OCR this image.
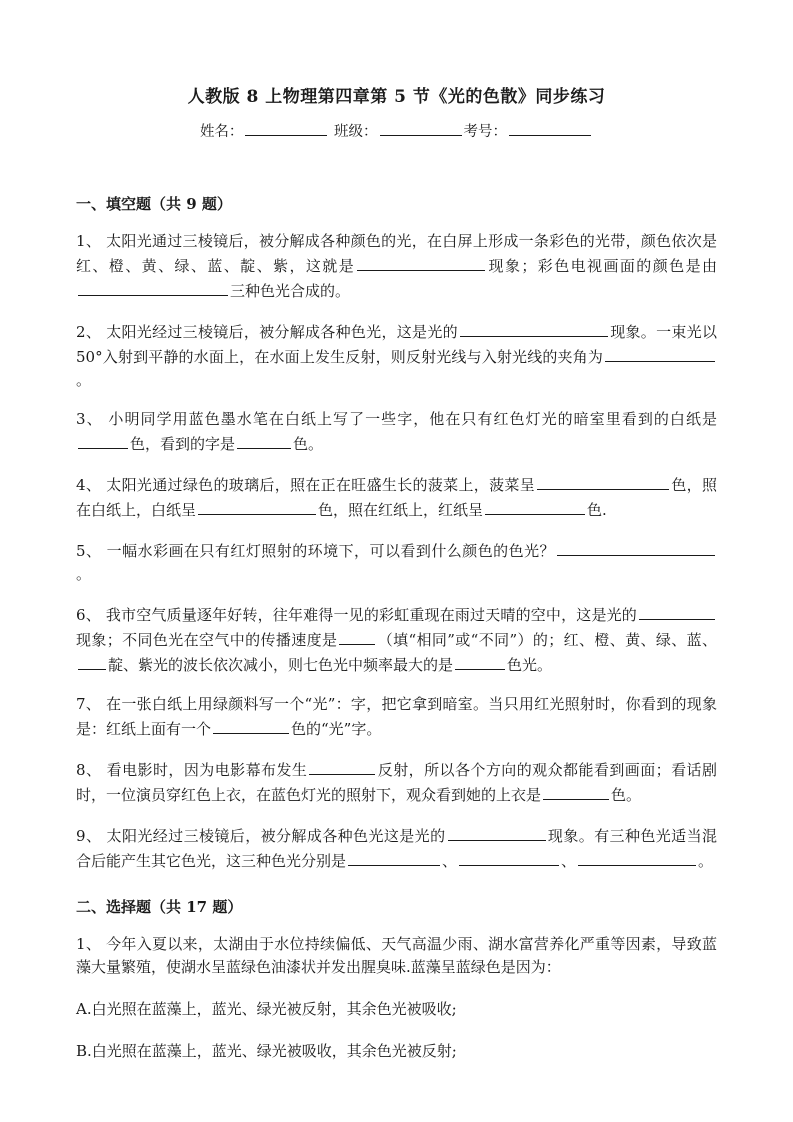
人教版 8 上物理第四章第 5 节《光的色散》同步练习
姓名：	班级：	考号：
一、填空题（共 9 题）
1、 太阳光通过三棱镜后，被分解成各种颜色的光，在白屏上形成一条彩色的光带，颜色依次是红、橙、黄、绿、蓝、靛、紫，这就是	现象；彩色电视画面的颜色是由三种色光合成的。
2、 太阳光经过三棱镜后，被分解成各种色光，这是光的	现象。一束光以 50°入射到平静的水面上，在水面上发生反射，则反射光线与入射光线的夹角为。
3、 小明同学用蓝色墨水笔在白纸上写了一些字，他在只有红色灯光的暗室里看到的白纸是色，看到的字是	色。
4、 太阳光通过绿色的玻璃后，照在正在旺盛生长的菠菜上，菠菜呈	色，照在白纸上，白纸呈	色，照在红纸上，红纸呈	色.
5、 一幅水彩画在只有红灯照射的环境下，可以看到什么颜色的色光？。
6、 我市空气质量逐年好转，往年难得一见的彩虹重现在雨过天晴的空中，这是光的现象；不同色光在空气中的传播速度是	（填“相同”或“不同”）的；红、橙、黄、绿、蓝、靛、紫光的波长依次减小，则七色光中频率最大的是	色光。
7、 在一张白纸上用绿颜料写一个“光”：字，把它拿到暗室。当只用红光照射时，你看到的现象是：红纸上面有一个	色的“光”字。
8、 看电影时，因为电影幕布发生	反射，所以各个方向的观众都能看到画面；看话剧时，一位演员穿红色上衣，在蓝色灯光的照射下，观众看到她的上衣是	色。
9、 太阳光经过三棱镜后，被分解成各种色光这是光的	现象。有三种色光适当混合后能产生其它色光，这三种色光分别是	、	、	。
二、选择题（共 17 题）
1、 今年入夏以来，太湖由于水位持续偏低、天气高温少雨、湖水富营养化严重等因素，导致蓝藻大量繁殖，使湖水呈蓝绿色油漆状并发出腥臭味.蓝藻呈蓝绿色是因为：
A.白光照在蓝藻上，蓝光、绿光被反射，其余色光被吸收;
B.白光照在蓝藻上，蓝光、绿光被吸收，其余色光被反射;
